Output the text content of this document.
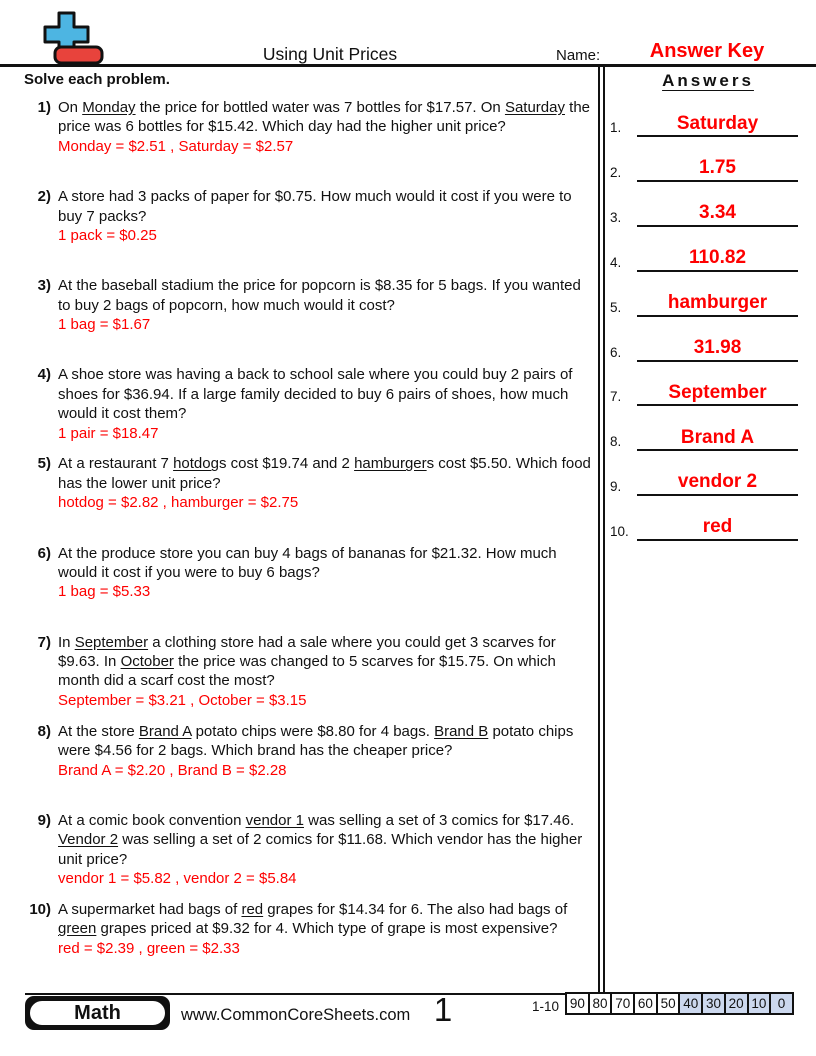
Using Unit Prices	Name:	Answer Key
Solve each problem.
1) On Monday the price for bottled water was 7 bottles for $17.57. On Saturday the price was 6 bottles for $15.42. Which day had the higher unit price?
Monday = $2.51 , Saturday = $2.57
2) A store had 3 packs of paper for $0.75. How much would it cost if you were to buy 7 packs?
1 pack = $0.25
3) At the baseball stadium the price for popcorn is $8.35 for 5 bags. If you wanted to buy 2 bags of popcorn, how much would it cost?
1 bag = $1.67
4) A shoe store was having a back to school sale where you could buy 2 pairs of shoes for $36.94. If a large family decided to buy 6 pairs of shoes, how much would it cost them?
1 pair = $18.47
5) At a restaurant 7 hotdogs cost $19.74 and 2 hamburgers cost $5.50. Which food has the lower unit price?
hotdog = $2.82 , hamburger = $2.75
6) At the produce store you can buy 4 bags of bananas for $21.32. How much would it cost if you were to buy 6 bags?
1 bag = $5.33
7) In September a clothing store had a sale where you could get 3 scarves for $9.63. In October the price was changed to 5 scarves for $15.75. On which month did a scarf cost the most?
September = $3.21 , October = $3.15
8) At the store Brand A potato chips were $8.80 for 4 bags. Brand B potato chips were $4.56 for 2 bags. Which brand has the cheaper price?
Brand A = $2.20 , Brand B = $2.28
9) At a comic book convention vendor 1 was selling a set of 3 comics for $17.46. Vendor 2 was selling a set of 2 comics for $11.68. Which vendor has the higher unit price?
vendor 1 = $5.82 , vendor 2 = $5.84
10) A supermarket had bags of red grapes for $14.34 for 6. The also had bags of green grapes priced at $9.32 for 4. Which type of grape is most expensive?
red = $2.39 , green = $2.33
Answers
1.	Saturday
2.	1.75
3.	3.34
4.	110.82
5.	hamburger
6.	31.98
7.	September
8.	Brand A
9.	vendor 2
10.	red
Math	www.CommonCoreSheets.com 1	1-10 90 80 70 60 50 40 30 20 10 0
